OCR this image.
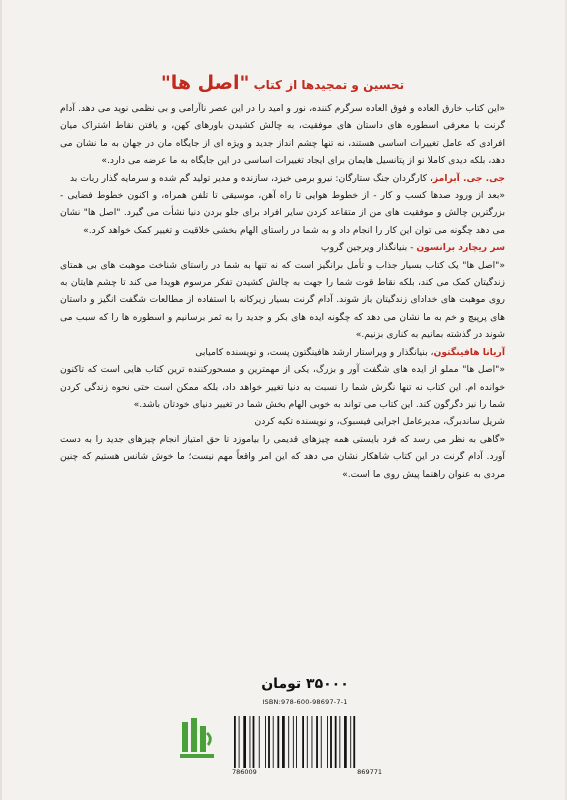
تحسین و تمجیدها از کتاب "اصل ها"

«این کتاب خارق العاده و فوق العاده سرگرم کننده، نور و امید را در این عصر ناآرامی و بی نظمی نوید می دهد. آدام گرنت با معرفی اسطوره های داستان های موفقیت، به چالش کشیدن باورهای کهن، و یافتن نقاط اشتراک میان افرادی که عامل تغییرات اساسی هستند، نه تنها چشم انداز جدید و ویژه ای از جایگاه مان در جهان به ما نشان می دهد، بلکه دیدی کاملا نو از پتانسیل هایمان برای ایجاد تغییرات اساسی در این جایگاه به ما عرضه می دارد.»

جی. جی. آبرامز، کارگردان جنگ ستارگان: نیرو برمی خیزد، سازنده و مدیر تولید گم شده و سرمایه گذار ربات بد

«بعد از ورود صدها کسب و کار - از خطوط هوایی تا راه آهن، موسیقی تا تلفن همراه، و اکنون خطوط فضایی - بزرگترین چالش و موفقیت های من از متقاعد کردن سایر افراد برای جلو بردن دنیا نشأت می گیرد. "اصل ها" نشان می دهد چگونه می توان این کار را انجام داد و به شما در راستای الهام بخشی خلاقیت و تغییر کمک خواهد کرد.»

سر ریچارد برانسون - بنیانگذار ویرجین گروپ

«"اصل ها" یک کتاب بسیار جذاب و تأمل برانگیز است که نه تنها به شما در راستای شناخت موهبت های بی همتای زندگیتان کمک می کند، بلکه نقاط قوت شما را جهت به چالش کشیدن تفکر مرسوم هویدا می کند تا چشم هایتان به روی موهبت های خدادای زندگیتان باز شوند. آدام گرنت بسیار زیرکانه با استفاده از مطالعات شگفت انگیز و داستان های پرپیچ و خم به ما نشان می دهد که چگونه ایده های بکر و جدید را به ثمر برسانیم و اسطوره ها را که سبب می شوند در گذشته بمانیم به کناری بزنیم.»

آریانا هافینگتون، بنیانگذار و ویراستار ارشد هافینگتون پست، و نویسنده کامیابی

«"اصل ها" مملو از ایده های شگفت آور و بزرگ، یکی از مهمترین و مسحورکننده ترین کتاب هایی است که تاکنون خوانده ام. این کتاب نه تنها نگرش شما را نسبت به دنیا تغییر خواهد داد، بلکه ممکن است حتی نحوه زندگی کردن شما را نیز دگرگون کند. این کتاب می تواند به خوبی الهام بخش شما در تغییر دنیای خودتان باشد.»

شریل ساندبرگ، مدیرعامل اجرایی فیسبوک، و نویسنده تکیه کردن

«گاهی به نظر می رسد که فرد بایستی همه چیزهای قدیمی را بیاموزد تا حق امتیاز انجام چیزهای جدید را به دست آورد. آدام گرنت در این کتاب شاهکار نشان می دهد که این امر واقعاً مهم نیست؛ ما خوش شانس هستیم که چنین مردی به عنوان راهنما پیش روی ما است.»

۳۵۰۰۰ تومان
ISBN:978-600-98697-7-1
786009	869771
